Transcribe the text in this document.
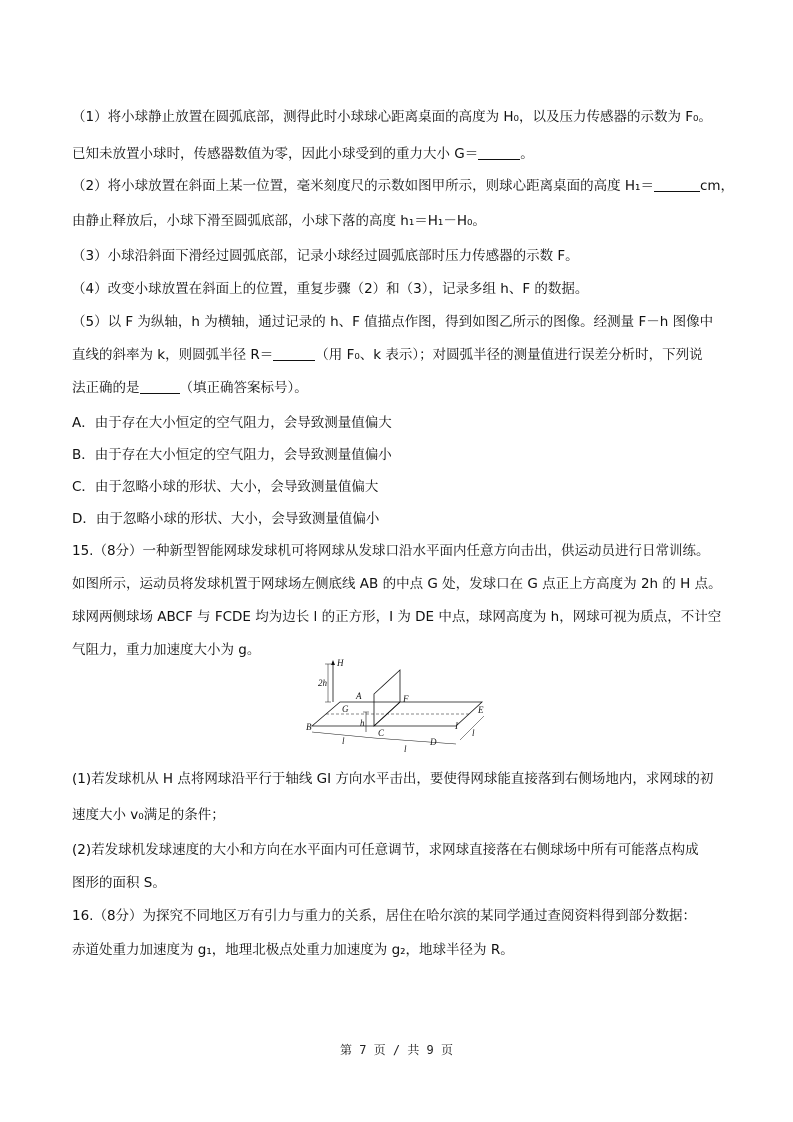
（1）将小球静止放置在圆弧底部，测得此时小球球心距离桌面的高度为 H₀，以及压力传感器的示数为 F₀。
已知未放置小球时，传感器数值为零，因此小球受到的重力大小 G＝	。
（2）将小球放置在斜面上某一位置，毫米刻度尺的示数如图甲所示，则球心距离桌面的高度 H₁＝	cm，
由静止释放后，小球下滑至圆弧底部，小球下落的高度 h₁＝H₁－H₀。
（3）小球沿斜面下滑经过圆弧底部，记录小球经过圆弧底部时压力传感器的示数 F。
（4）改变小球放置在斜面上的位置，重复步骤（2）和（3），记录多组 h、F 的数据。
（5）以 F 为纵轴，h 为横轴，通过记录的 h、F 值描点作图，得到如图乙所示的图像。经测量 F－h 图像中
直线的斜率为 k，则圆弧半径 R＝	（用 F₀、k 表示）；对圆弧半径的测量值进行误差分析时，下列说
法正确的是	（填正确答案标号）。
A．由于存在大小恒定的空气阻力，会导致测量值偏大
B．由于存在大小恒定的空气阻力，会导致测量值偏小
C．由于忽略小球的形状、大小，会导致测量值偏大
D．由于忽略小球的形状、大小，会导致测量值偏小
15.（8分）一种新型智能网球发球机可将网球从发球口沿水平面内任意方向击出，供运动员进行日常训练。
如图所示，运动员将发球机置于网球场左侧底线 AB 的中点 G 处，发球口在 G 点正上方高度为 2h 的 H 点。
球网两侧球场 ABCF 与 FCDE 均为边长 l 的正方形，I 为 DE 中点，球网高度为 h，网球可视为质点，不计空
气阻力，重力加速度大小为 g。
H
2h
A	F
G
I
E
B	h
C
D
l
l
l
(1)若发球机从 H 点将网球沿平行于轴线 GI 方向水平击出，要使得网球能直接落到右侧场地内，求网球的初
速度大小 v₀满足的条件；
(2)若发球机发球速度的大小和方向在水平面内可任意调节，求网球直接落在右侧球场中所有可能落点构成
图形的面积 S。
16.（8分）为探究不同地区万有引力与重力的关系，居住在哈尔滨的某同学通过查阅资料得到部分数据：
赤道处重力加速度为 g₁，地理北极点处重力加速度为 g₂，地球半径为 R。
第 7 页 / 共 9 页
